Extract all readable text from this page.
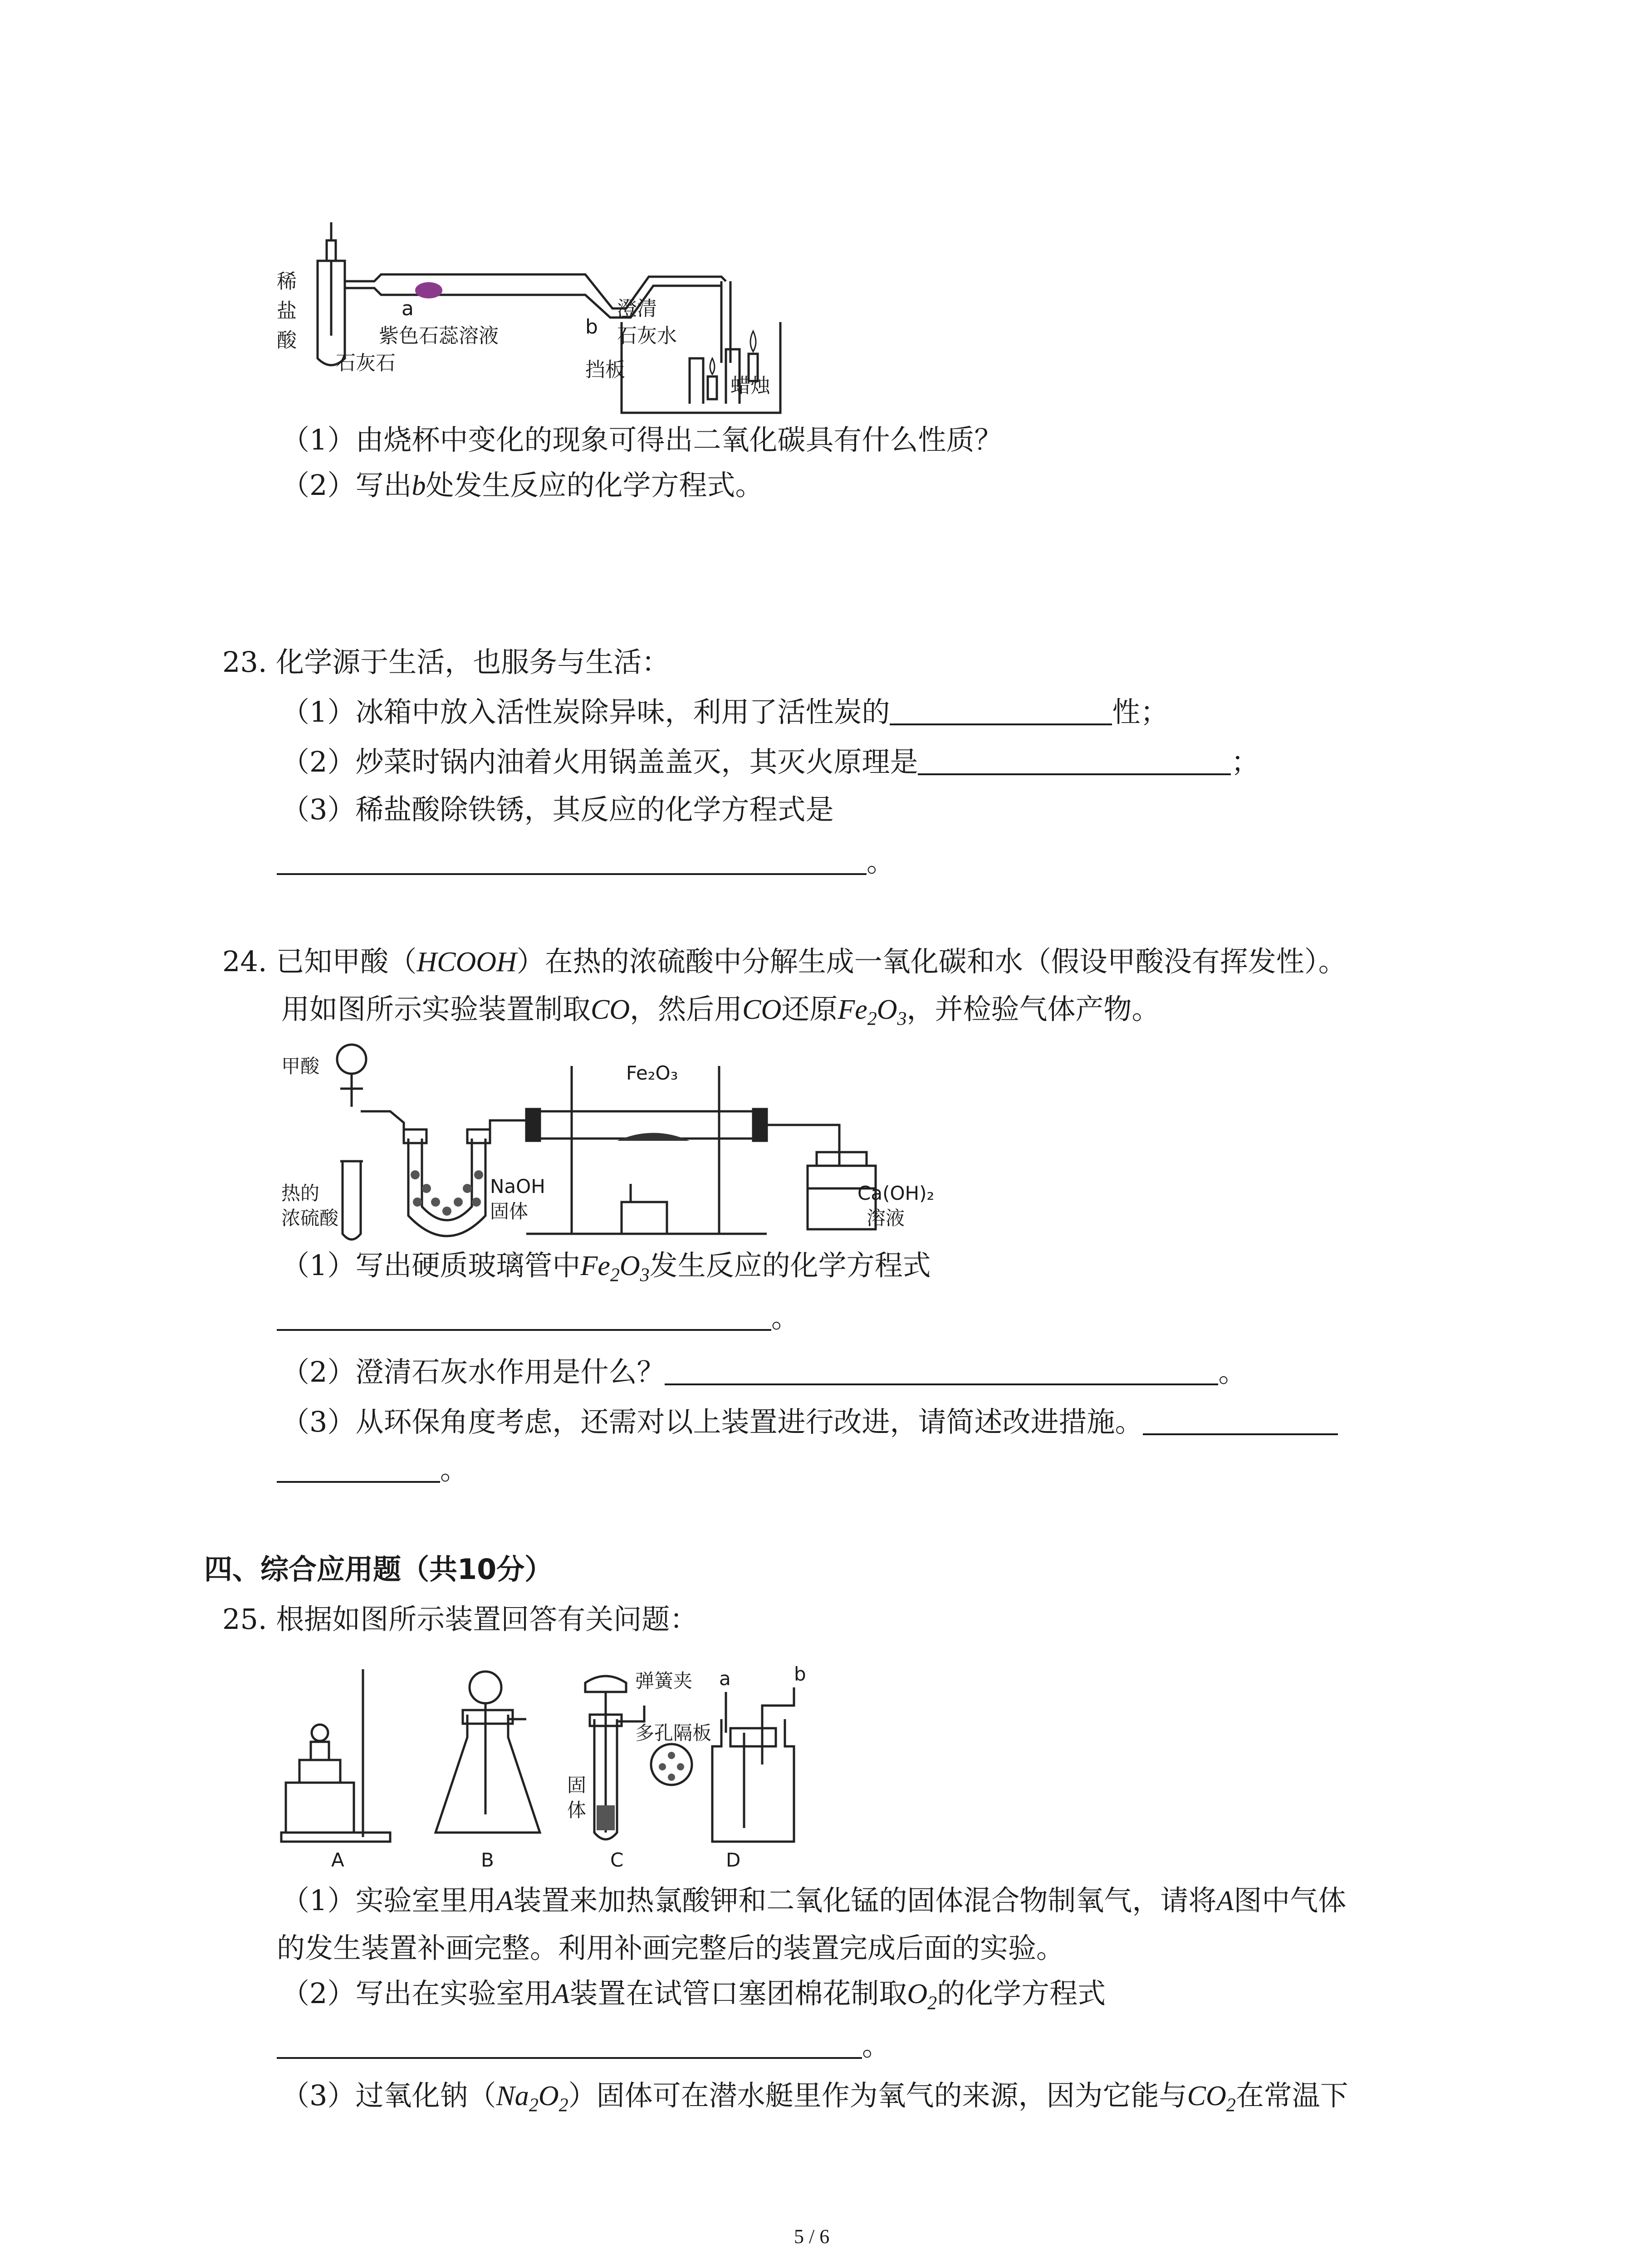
稀
盐
酸
石灰石
a
紫色石蕊溶液	b
澄清
石灰水
挡板
蜡烛
（1）由烧杯中变化的现象可得出二氧化碳具有什么性质？
（2）写出b处发生反应的化学方程式。
23. 化学源于生活，也服务与生活：
（1）冰箱中放入活性炭除异味，利用了活性炭的	性；
（2）炒菜时锅内油着火用锅盖盖灭，其灭火原理是	；
（3）稀盐酸除铁锈，其反应的化学方程式是
。
24. 已知甲酸（HCOOH）在热的浓硫酸中分解生成一氧化碳和水（假设甲酸没有挥发性）。
用如图所示实验装置制取CO，然后用CO还原$Fe_2O_3$，并检验气体产物。
甲酸
热的
浓硫酸
NaOH
固体
Fe₂O₃
Ca(OH)₂
溶液
（1）写出硬质玻璃管中$Fe_2O_3$发生反应的化学方程式
。
（2）澄清石灰水作用是什么？	。
（3）从环保角度考虑，还需对以上装置进行改进，请简述改进措施。
。
四、综合应用题（共10分）
25. 根据如图所示装置回答有关问题：
弹簧夹
多孔隔板
固
体
a	b
A	B	C	D
（1）实验室里用A装置来加热氯酸钾和二氧化锰的固体混合物制氧气，请将A图中气体
的发生装置补画完整。利用补画完整后的装置完成后面的实验。
（2）写出在实验室用A装置在试管口塞团棉花制取$O_2$的化学方程式
。
（3）过氧化钠$(Na_2O_2)$固体可在潜水艇里作为氧气的来源，因为它能与$CO_2$在常温下
5 / 6
